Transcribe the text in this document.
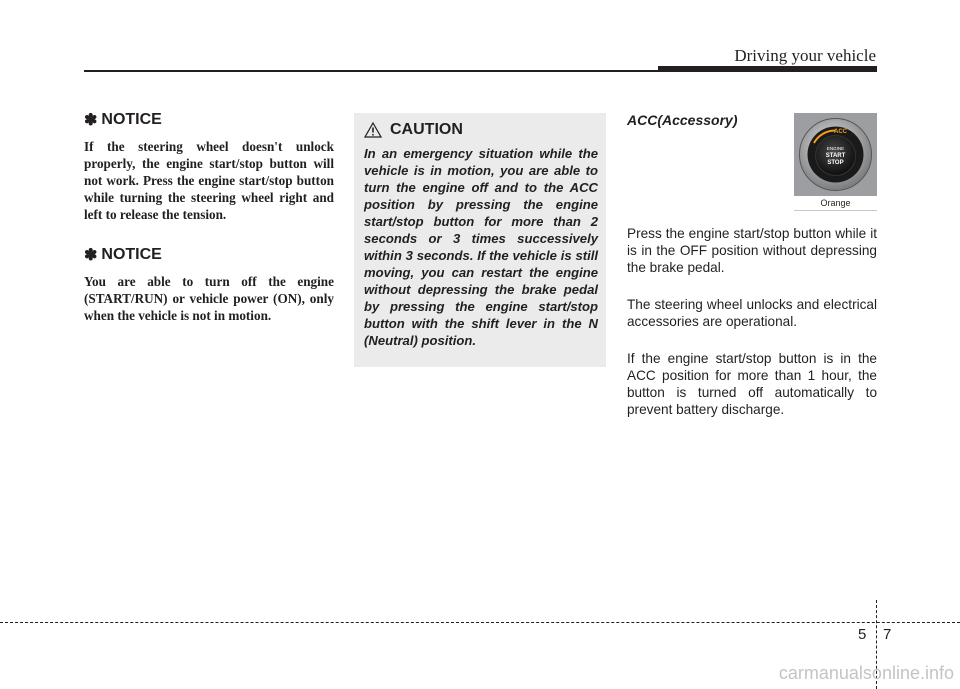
Driving your vehicle
✽ NOTICE

If the steering wheel doesn't unlock properly, the engine start/stop button will not work. Press the engine start/stop button while turning the steering wheel right and left to release the tension.

✽ NOTICE

You are able to turn off the engine (START/RUN) or vehicle power (ON), only when the vehicle is not in motion.

CAUTION

In an emergency situation while the vehicle is in motion, you are able to turn the engine off and to the ACC position by pressing the engine start/stop button for more than 2 seconds or 3 times successively within 3 seconds. If the vehicle is still moving, you can restart the engine without depressing the brake pedal by pressing the engine start/stop button with the shift lever in the N (Neutral) position.

ACC(Accessory)

Press the engine start/stop button while it is in the OFF position without depressing the brake pedal.

The steering wheel unlocks and electrical accessories are operational.

If the engine start/stop button is in the ACC position for more than 1 hour, the button is turned off automatically to prevent battery discharge.

ACC
ENGINE
START
STOP
Orange
5 7
carmanualsonline.info
